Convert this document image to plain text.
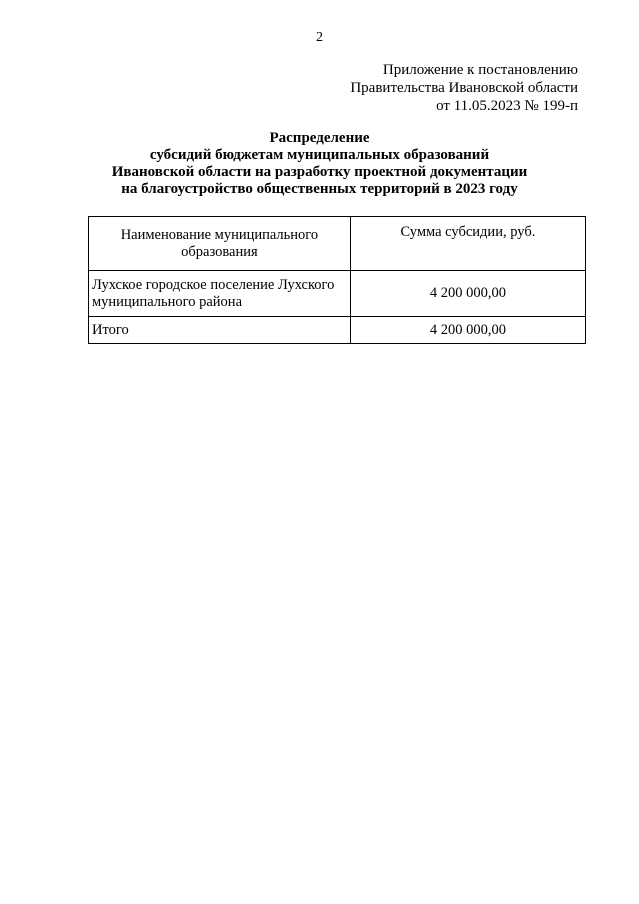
2
Приложение к постановлению
Правительства Ивановской области
от 11.05.2023 № 199-п
Распределение
субсидий бюджетам муниципальных образований
Ивановской области на разработку проектной документации
на благоустройство общественных территорий в 2023 году
Наименование муниципального образования	Сумма субсидии, руб.
Лухское городское поселение Лухского муниципального района	4 200 000,00
Итого	4 200 000,00
